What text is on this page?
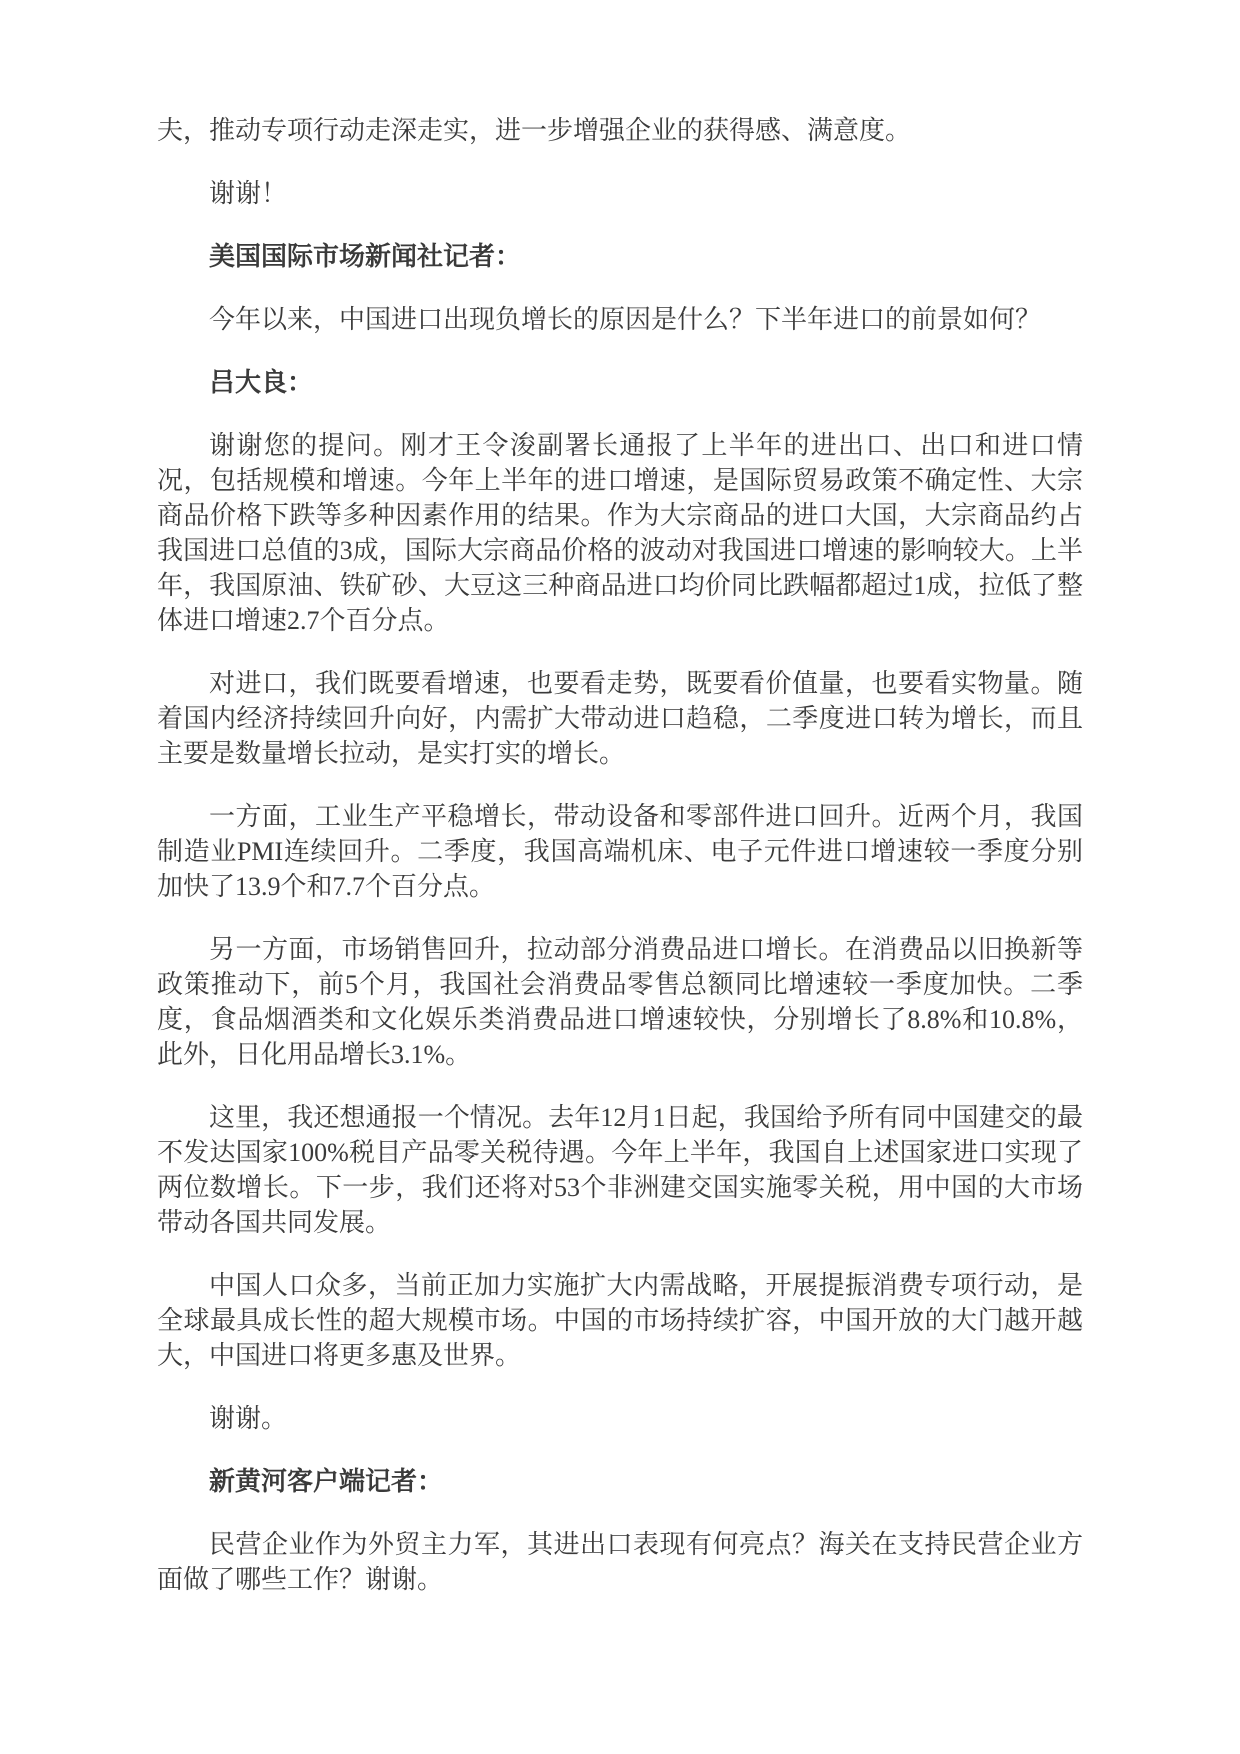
夫，推动专项行动走深走实，进一步增强企业的获得感、满意度。

谢谢！

美国国际市场新闻社记者：

今年以来，中国进口出现负增长的原因是什么？下半年进口的前景如何？

吕大良：

谢谢您的提问。刚才王令浚副署长通报了上半年的进出口、出口和进口情况，包括规模和增速。今年上半年的进口增速，是国际贸易政策不确定性、大宗商品价格下跌等多种因素作用的结果。作为大宗商品的进口大国，大宗商品约占我国进口总值的3成，国际大宗商品价格的波动对我国进口增速的影响较大。上半年，我国原油、铁矿砂、大豆这三种商品进口均价同比跌幅都超过1成，拉低了整体进口增速2.7个百分点。

对进口，我们既要看增速，也要看走势，既要看价值量，也要看实物量。随着国内经济持续回升向好，内需扩大带动进口趋稳，二季度进口转为增长，而且主要是数量增长拉动，是实打实的增长。

一方面，工业生产平稳增长，带动设备和零部件进口回升。近两个月，我国制造业PMI连续回升。二季度，我国高端机床、电子元件进口增速较一季度分别加快了13.9个和7.7个百分点。

另一方面，市场销售回升，拉动部分消费品进口增长。在消费品以旧换新等政策推动下，前5个月，我国社会消费品零售总额同比增速较一季度加快。二季度，食品烟酒类和文化娱乐类消费品进口增速较快，分别增长了8.8%和10.8%，此外，日化用品增长3.1%。

这里，我还想通报一个情况。去年12月1日起，我国给予所有同中国建交的最不发达国家100%税目产品零关税待遇。今年上半年，我国自上述国家进口实现了两位数增长。下一步，我们还将对53个非洲建交国实施零关税，用中国的大市场带动各国共同发展。

中国人口众多，当前正加力实施扩大内需战略，开展提振消费专项行动，是全球最具成长性的超大规模市场。中国的市场持续扩容，中国开放的大门越开越大，中国进口将更多惠及世界。

谢谢。

新黄河客户端记者：

民营企业作为外贸主力军，其进出口表现有何亮点？海关在支持民营企业方面做了哪些工作？谢谢。
